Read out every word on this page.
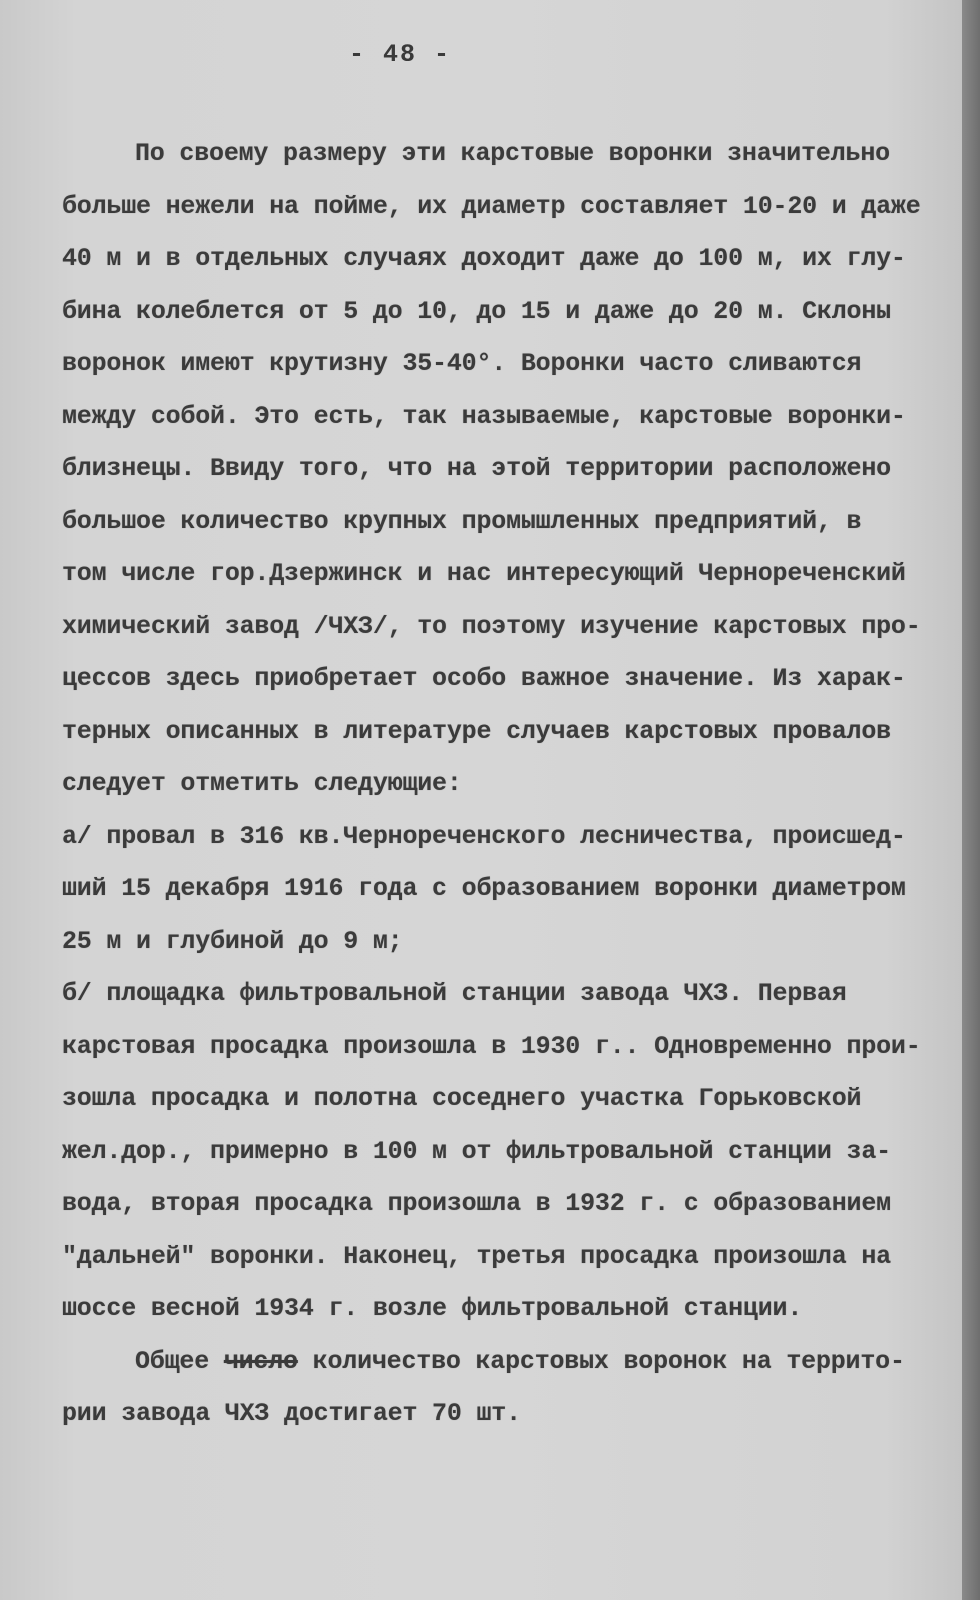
- 48 -
По своему размеру эти карстовые воронки значительно
больше нежели на пойме, их диаметр составляет 10-20 и даже
40 м и в отдельных случаях доходит даже до 100 м, их глу-
бина колеблется от 5 до 10, до 15 и даже до 20 м. Склоны
воронок имеют крутизну 35-40°. Воронки часто сливаются
между собой. Это есть, так называемые, карстовые воронки-
близнецы. Ввиду того, что на этой территории расположено
большое количество крупных промышленных предприятий, в
том числе гор.Дзержинск и нас интересующий Чернореченский
химический завод /ЧХЗ/, то поэтому изучение карстовых про-
цессов здесь приобретает особо важное значение. Из харак-
терных описанных в литературе случаев карстовых провалов
следует отметить следующие:
а/ провал в 316 кв.Чернореченского лесничества, происшед-
ший 15 декабря 1916 года с образованием воронки диаметром
25 м и глубиной до 9 м;
б/ площадка фильтровальной станции завода ЧХЗ. Первая
карстовая просадка произошла в 1930 г.. Одновременно прои-
зошла просадка и полотна соседнего участка Горьковской
жел.дор., примерно в 100 м от фильтровальной станции за-
вода, вторая просадка произошла в 1932 г. с образованием
"дальней" воронки. Наконец, третья просадка произошла на
шоссе весной 1934 г. возле фильтровальной станции.
Общее число количество карстовых воронок на террито-
рии завода ЧХЗ достигает 70 шт.
